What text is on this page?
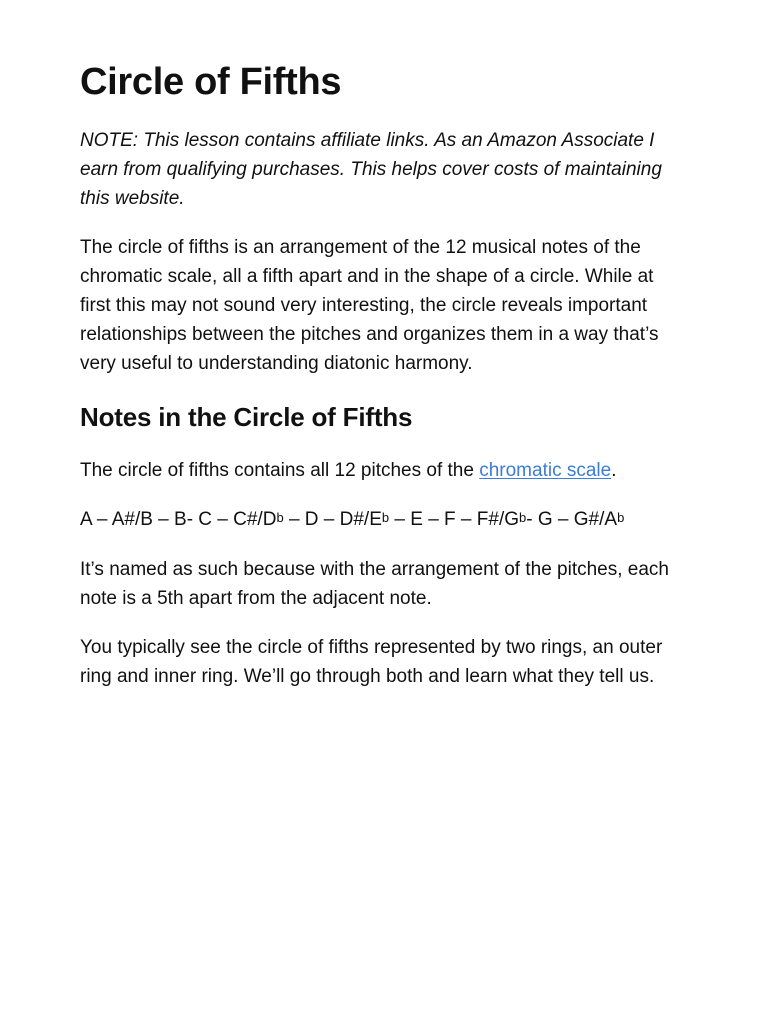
Circle of Fifths

NOTE: This lesson contains affiliate links. As an Amazon Associate I earn from qualifying purchases. This helps cover costs of maintaining this website.

The circle of fifths is an arrangement of the 12 musical notes of the chromatic scale, all a fifth apart and in the shape of a circle. While at first this may not sound very interesting, the circle reveals important relationships between the pitches and organizes them in a way that’s very useful to understanding diatonic harmony.

Notes in the Circle of Fifths

The circle of fifths contains all 12 pitches of the chromatic scale.

A – A#/B – B- C – C#/Db – D – D#/Eb – E – F – F#/Gb- G – G#/Ab

It’s named as such because with the arrangement of the pitches, each note is a 5th apart from the adjacent note.

You typically see the circle of fifths represented by two rings, an outer ring and inner ring. We’ll go through both and learn what they tell us.
